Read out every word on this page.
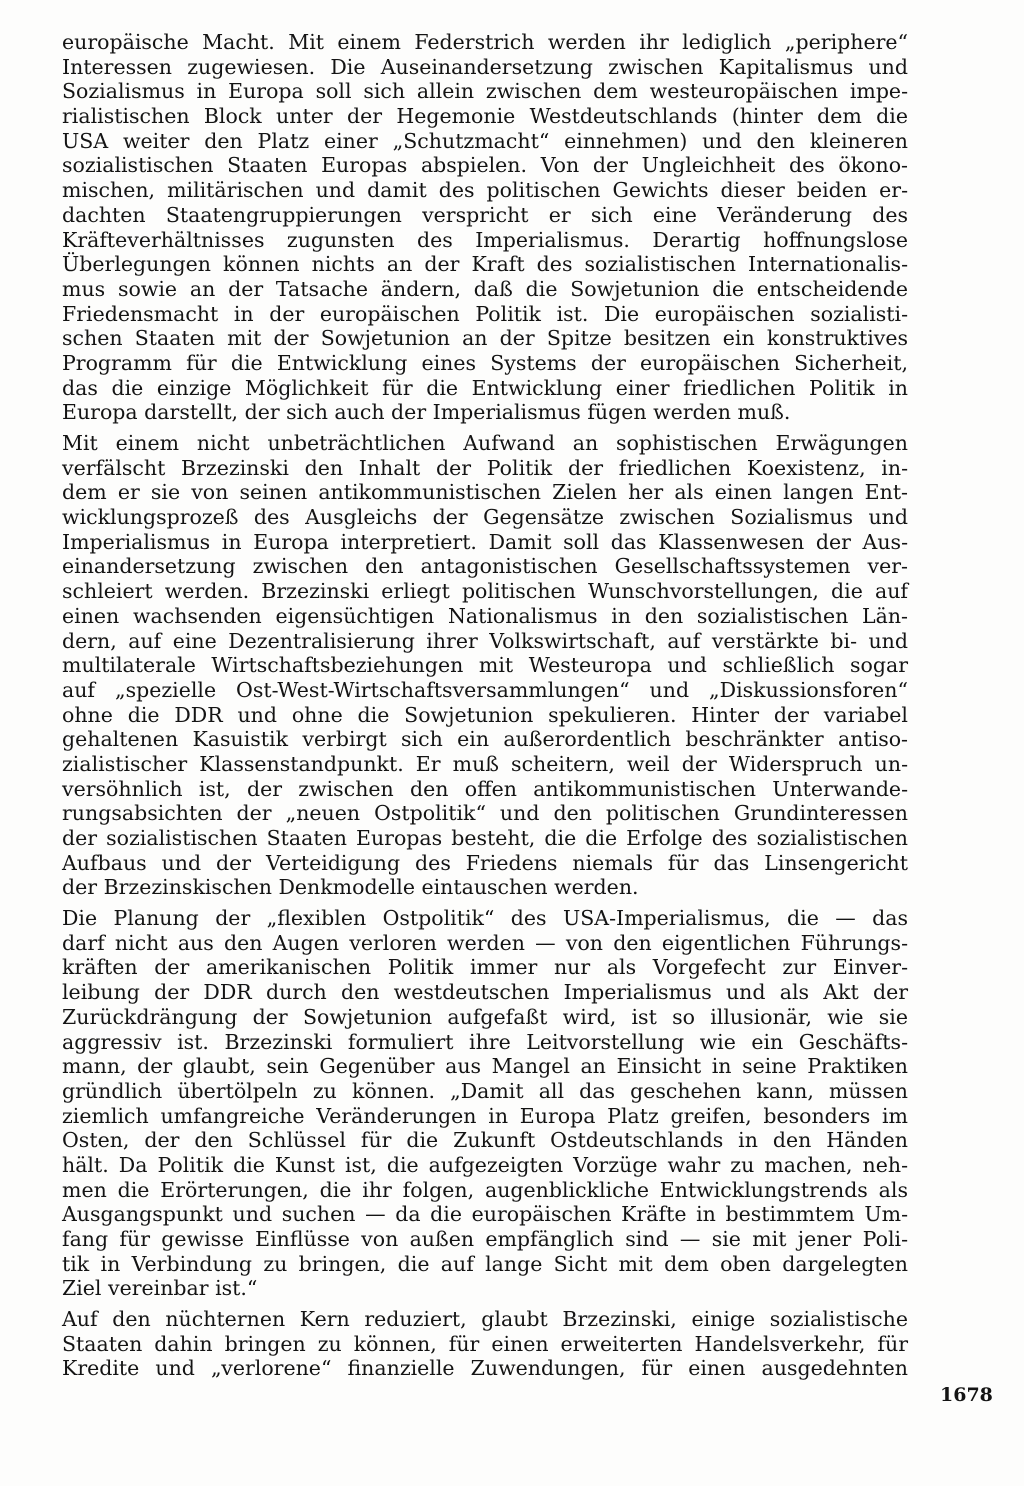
europäische Macht. Mit einem Federstrich werden ihr lediglich „periphere“
Interessen zugewiesen. Die Auseinandersetzung zwischen Kapitalismus und
Sozialismus in Europa soll sich allein zwischen dem westeuropäischen impe-
rialistischen Block unter der Hegemonie Westdeutschlands (hinter dem die
USA weiter den Platz einer „Schutzmacht“ einnehmen) und den kleineren
sozialistischen Staaten Europas abspielen. Von der Ungleichheit des ökono-
mischen, militärischen und damit des politischen Gewichts dieser beiden er-
dachten Staatengruppierungen verspricht er sich eine Veränderung des
Kräfteverhältnisses zugunsten des Imperialismus. Derartig hoffnungslose
Überlegungen können nichts an der Kraft des sozialistischen Internationalis-
mus sowie an der Tatsache ändern, daß die Sowjetunion die entscheidende
Friedensmacht in der europäischen Politik ist. Die europäischen sozialisti-
schen Staaten mit der Sowjetunion an der Spitze besitzen ein konstruktives
Programm für die Entwicklung eines Systems der europäischen Sicherheit,
das die einzige Möglichkeit für die Entwicklung einer friedlichen Politik in
Europa darstellt, der sich auch der Imperialismus fügen werden muß.
Mit einem nicht unbeträchtlichen Aufwand an sophistischen Erwägungen
verfälscht Brzezinski den Inhalt der Politik der friedlichen Koexistenz, in-
dem er sie von seinen antikommunistischen Zielen her als einen langen Ent-
wicklungsprozeß des Ausgleichs der Gegensätze zwischen Sozialismus und
Imperialismus in Europa interpretiert. Damit soll das Klassenwesen der Aus-
einandersetzung zwischen den antagonistischen Gesellschaftssystemen ver-
schleiert werden. Brzezinski erliegt politischen Wunschvorstellungen, die auf
einen wachsenden eigensüchtigen Nationalismus in den sozialistischen Län-
dern, auf eine Dezentralisierung ihrer Volkswirtschaft, auf verstärkte bi- und
multilaterale Wirtschaftsbeziehungen mit Westeuropa und schließlich sogar
auf „spezielle Ost-West-Wirtschaftsversammlungen“ und „Diskussionsforen“
ohne die DDR und ohne die Sowjetunion spekulieren. Hinter der variabel
gehaltenen Kasuistik verbirgt sich ein außerordentlich beschränkter antiso-
zialistischer Klassenstandpunkt. Er muß scheitern, weil der Widerspruch un-
versöhnlich ist, der zwischen den offen antikommunistischen Unterwande-
rungsabsichten der „neuen Ostpolitik“ und den politischen Grundinteressen
der sozialistischen Staaten Europas besteht, die die Erfolge des sozialistischen
Aufbaus und der Verteidigung des Friedens niemals für das Linsengericht
der Brzezinskischen Denkmodelle eintauschen werden.
Die Planung der „flexiblen Ostpolitik“ des USA-Imperialismus, die — das
darf nicht aus den Augen verloren werden — von den eigentlichen Führungs-
kräften der amerikanischen Politik immer nur als Vorgefecht zur Einver-
leibung der DDR durch den westdeutschen Imperialismus und als Akt der
Zurückdrängung der Sowjetunion aufgefaßt wird, ist so illusionär, wie sie
aggressiv ist. Brzezinski formuliert ihre Leitvorstellung wie ein Geschäfts-
mann, der glaubt, sein Gegenüber aus Mangel an Einsicht in seine Praktiken
gründlich übertölpeln zu können. „Damit all das geschehen kann, müssen
ziemlich umfangreiche Veränderungen in Europa Platz greifen, besonders im
Osten, der den Schlüssel für die Zukunft Ostdeutschlands in den Händen
hält. Da Politik die Kunst ist, die aufgezeigten Vorzüge wahr zu machen, neh-
men die Erörterungen, die ihr folgen, augenblickliche Entwicklungstrends als
Ausgangspunkt und suchen — da die europäischen Kräfte in bestimmtem Um-
fang für gewisse Einflüsse von außen empfänglich sind — sie mit jener Poli-
tik in Verbindung zu bringen, die auf lange Sicht mit dem oben dargelegten
Ziel vereinbar ist.“
Auf den nüchternen Kern reduziert, glaubt Brzezinski, einige sozialistische
Staaten dahin bringen zu können, für einen erweiterten Handelsverkehr, für
Kredite und „verlorene“ finanzielle Zuwendungen, für einen ausgedehnten
1678
